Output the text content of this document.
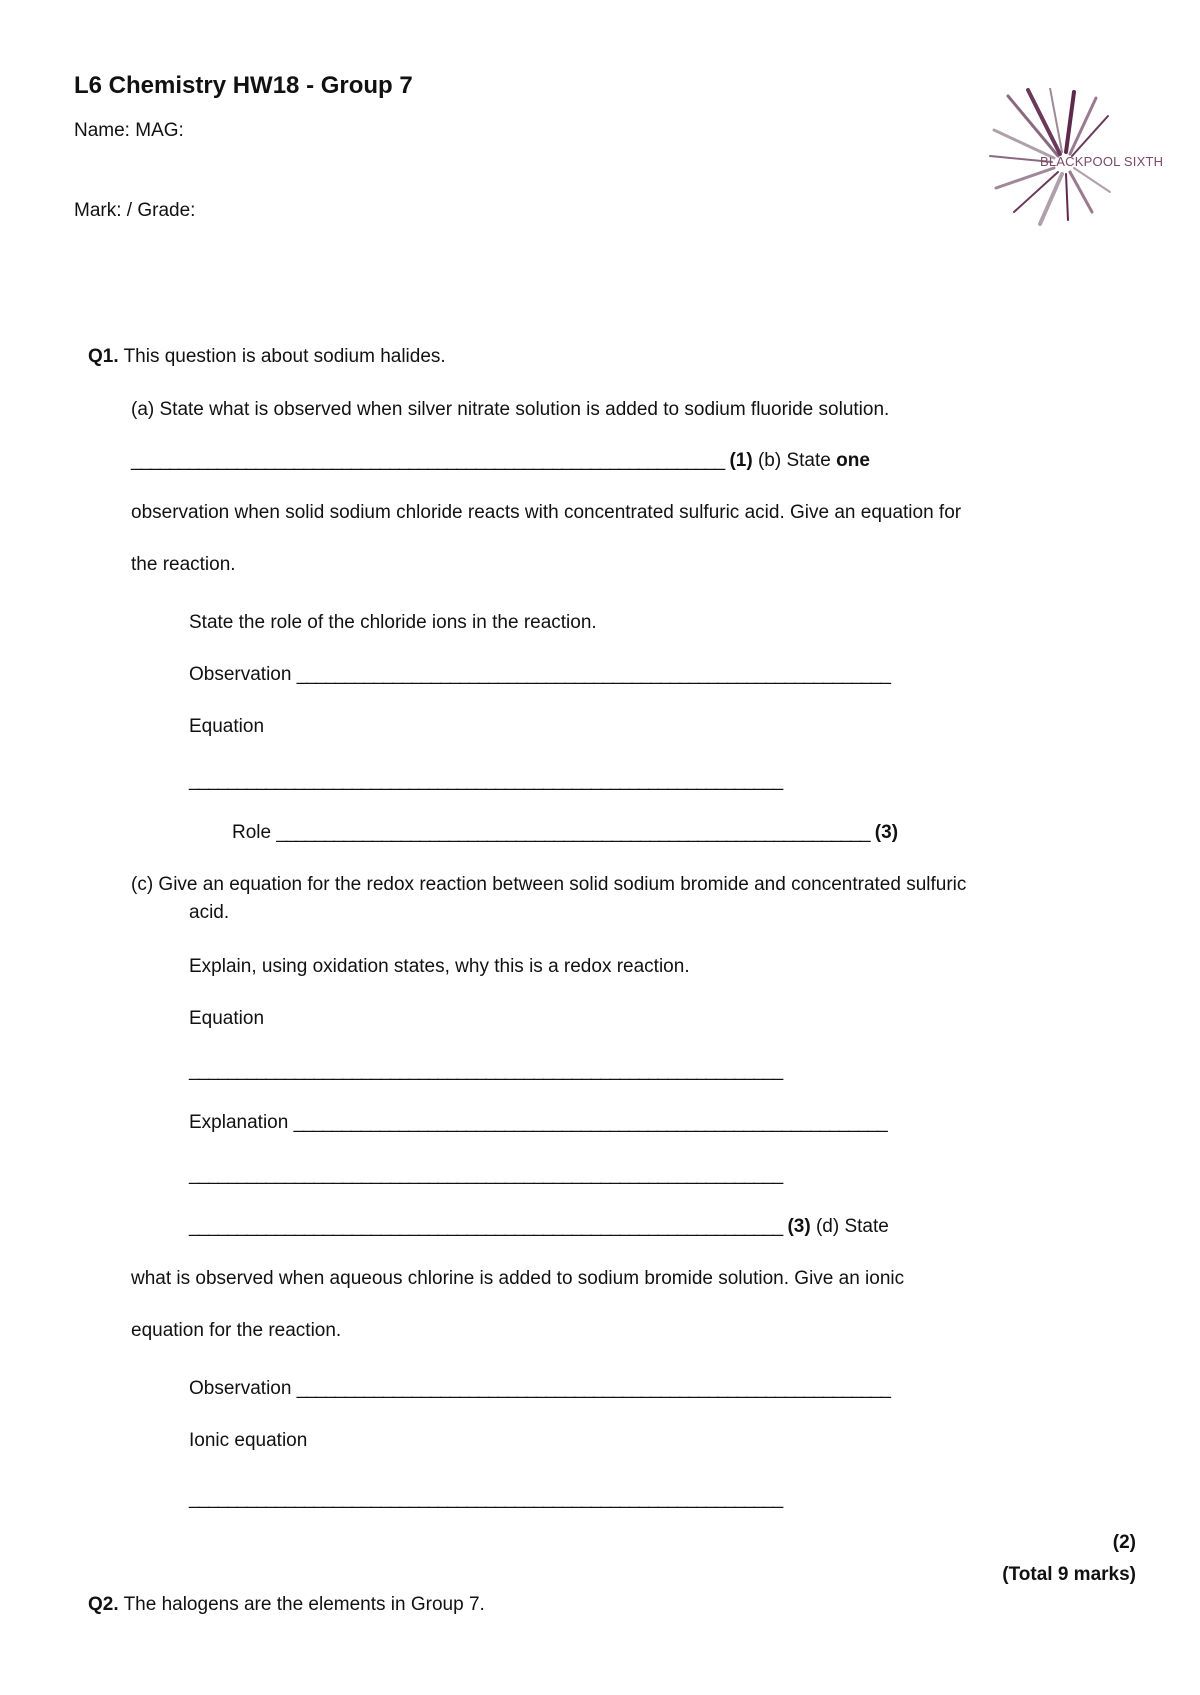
L6 Chemistry HW18 - Group 7
Name: MAG:
Mark: / Grade:
BLACKPOOL SIXTH
Q1. This question is about sodium halides.
(a) State what is observed when silver nitrate solution is added to sodium fluoride solution.
______________________________________________________________ (1) (b) State one
observation when solid sodium chloride reacts with concentrated sulfuric acid. Give an equation for
the reaction.
State the role of the chloride ions in the reaction.
Observation ______________________________________________________________
Equation
______________________________________________________________
Role ______________________________________________________________ (3)
(c) Give an equation for the redox reaction between solid sodium bromide and concentrated sulfuric
acid.
Explain, using oxidation states, why this is a redox reaction.
Equation
______________________________________________________________
Explanation ______________________________________________________________
______________________________________________________________
______________________________________________________________ (3) (d) State
what is observed when aqueous chlorine is added to sodium bromide solution. Give an ionic
equation for the reaction.
Observation ______________________________________________________________
Ionic equation
______________________________________________________________
(2)
(Total 9 marks)
Q2. The halogens are the elements in Group 7.
